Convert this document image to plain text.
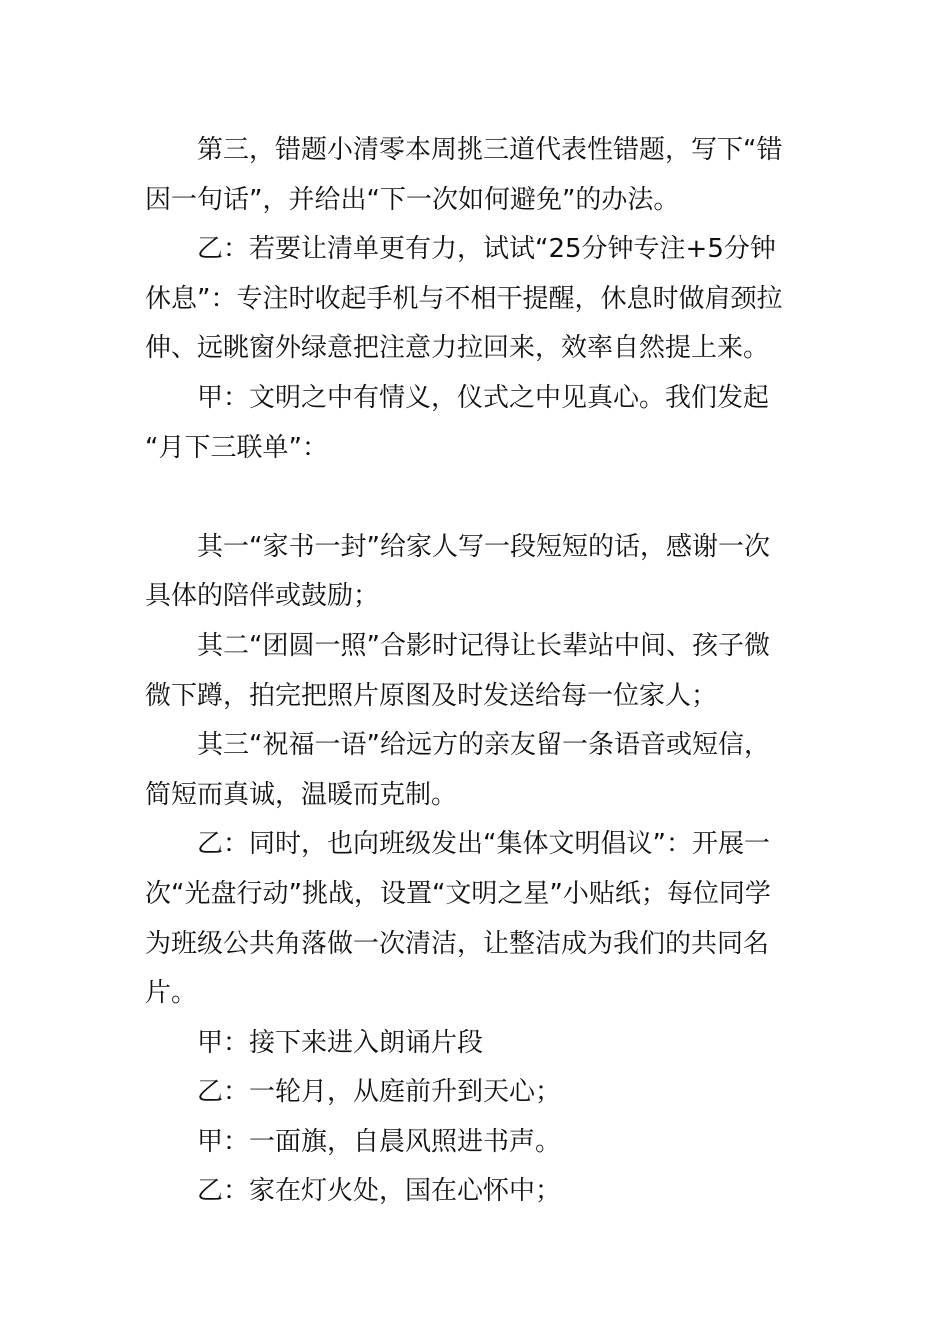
第三，错题小清零本周挑三道代表性错题，写下“错因一句话”，并给出“下一次如何避免”的办法。

乙：若要让清单更有力，试试“25分钟专注+5分钟休息”：专注时收起手机与不相干提醒，休息时做肩颈拉伸、远眺窗外绿意把注意力拉回来，效率自然提上来。

甲：文明之中有情义，仪式之中见真心。我们发起

“月下三联单”：

其一“家书一封”给家人写一段短短的话，感谢一次具体的陪伴或鼓励；

其二“团圆一照”合影时记得让长辈站中间、孩子微微下蹲，拍完把照片原图及时发送给每一位家人；

其三“祝福一语”给远方的亲友留一条语音或短信，简短而真诚，温暖而克制。

乙：同时，也向班级发出“集体文明倡议”：开展一次“光盘行动”挑战，设置“文明之星”小贴纸；每位同学为班级公共角落做一次清洁，让整洁成为我们的共同名片。

甲：接下来进入朗诵片段

乙：一轮月，从庭前升到天心；

甲：一面旗，自晨风照进书声。

乙：家在灯火处，国在心怀中；
